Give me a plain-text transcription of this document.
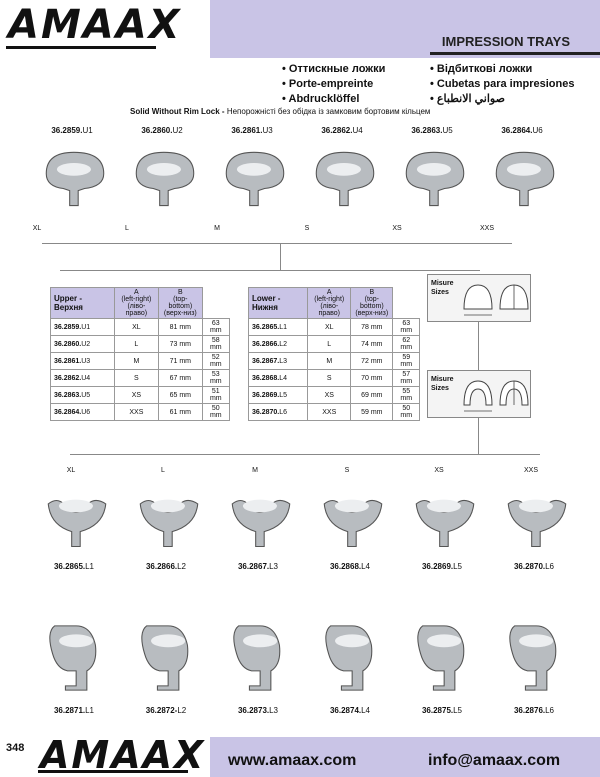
AMAAX	IMPRESSION TRAYS
• Оттискные ложки
• Porte-empreinte
• Abdrucklöffel
• Відбиткові ложки
• Cubetas para impresiones
• صواني الانطباع
Solid Without Rim Lock - Непорожністі без обідка із замковим бортовим кільцем
36.2859.U1
XL
36.2860.U2
L
36.2861.U3
M
36.2862.U4
S
36.2863.U5
XS
36.2864.U6
XXS
Upper - Верхня	A
(left-right)
(ліво-право)	B
(top-bottom)
(верх-низ)	
36.2859.U1	XL	81 mm	63 mm
36.2860.U2	L	73 mm	58 mm
36.2861.U3	M	71 mm	52 mm
36.2862.U4	S	67 mm	53 mm
36.2863.U5	XS	65 mm	51 mm
36.2864.U6	XXS	61 mm	50 mm
Lower - Нижня	A
(left-right)
(ліво-право)	B
(top-bottom)
(верх-низ)	
36.2865.L1	XL	78 mm	63 mm
36.2866.L2	L	74 mm	62 mm
36.2867.L3	M	72 mm	59 mm
36.2868.L4	S	70 mm	57 mm
36.2869.L5	XS	69 mm	55 mm
36.2870.L6	XXS	59 mm	50 mm
Misure
Sizes
Misure
Sizes
XL
36.2865.L1
L
36.2866.L2
M
36.2867.L3
S
36.2868.L4
XS
36.2869.L5
XXS
36.2870.L6
36.2871.L1	36.2872-L2	36.2873.L3	36.2874.L4	36.2875.L5	36.2876.L6
348 AMAAX www.amaax.com	info@amaax.com
